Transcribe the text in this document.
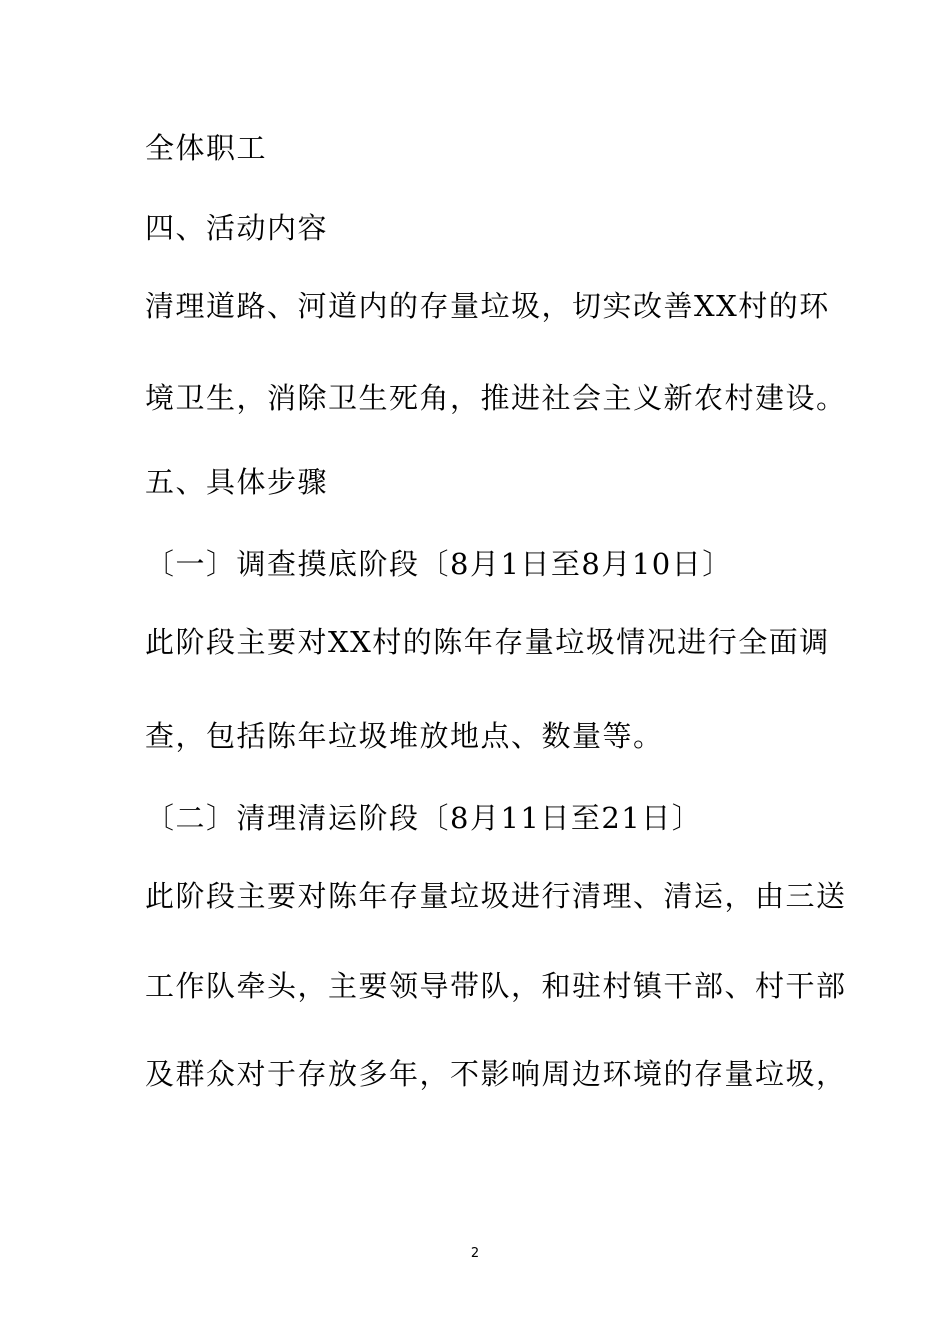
全体职工
四、活动内容
清理道路、河道内的存量垃圾，切实改善XX村的环
境卫生，消除卫生死角，推进社会主义新农村建设。
五、具体步骤
〔一〕调查摸底阶段〔8月1日至8月10日〕
此阶段主要对XX村的陈年存量垃圾情况进行全面调
查，包括陈年垃圾堆放地点、数量等。
〔二〕清理清运阶段〔8月11日至21日〕
此阶段主要对陈年存量垃圾进行清理、清运，由三送
工作队牵头，主要领导带队，和驻村镇干部、村干部
及群众对于存放多年，不影响周边环境的存量垃圾，
2
